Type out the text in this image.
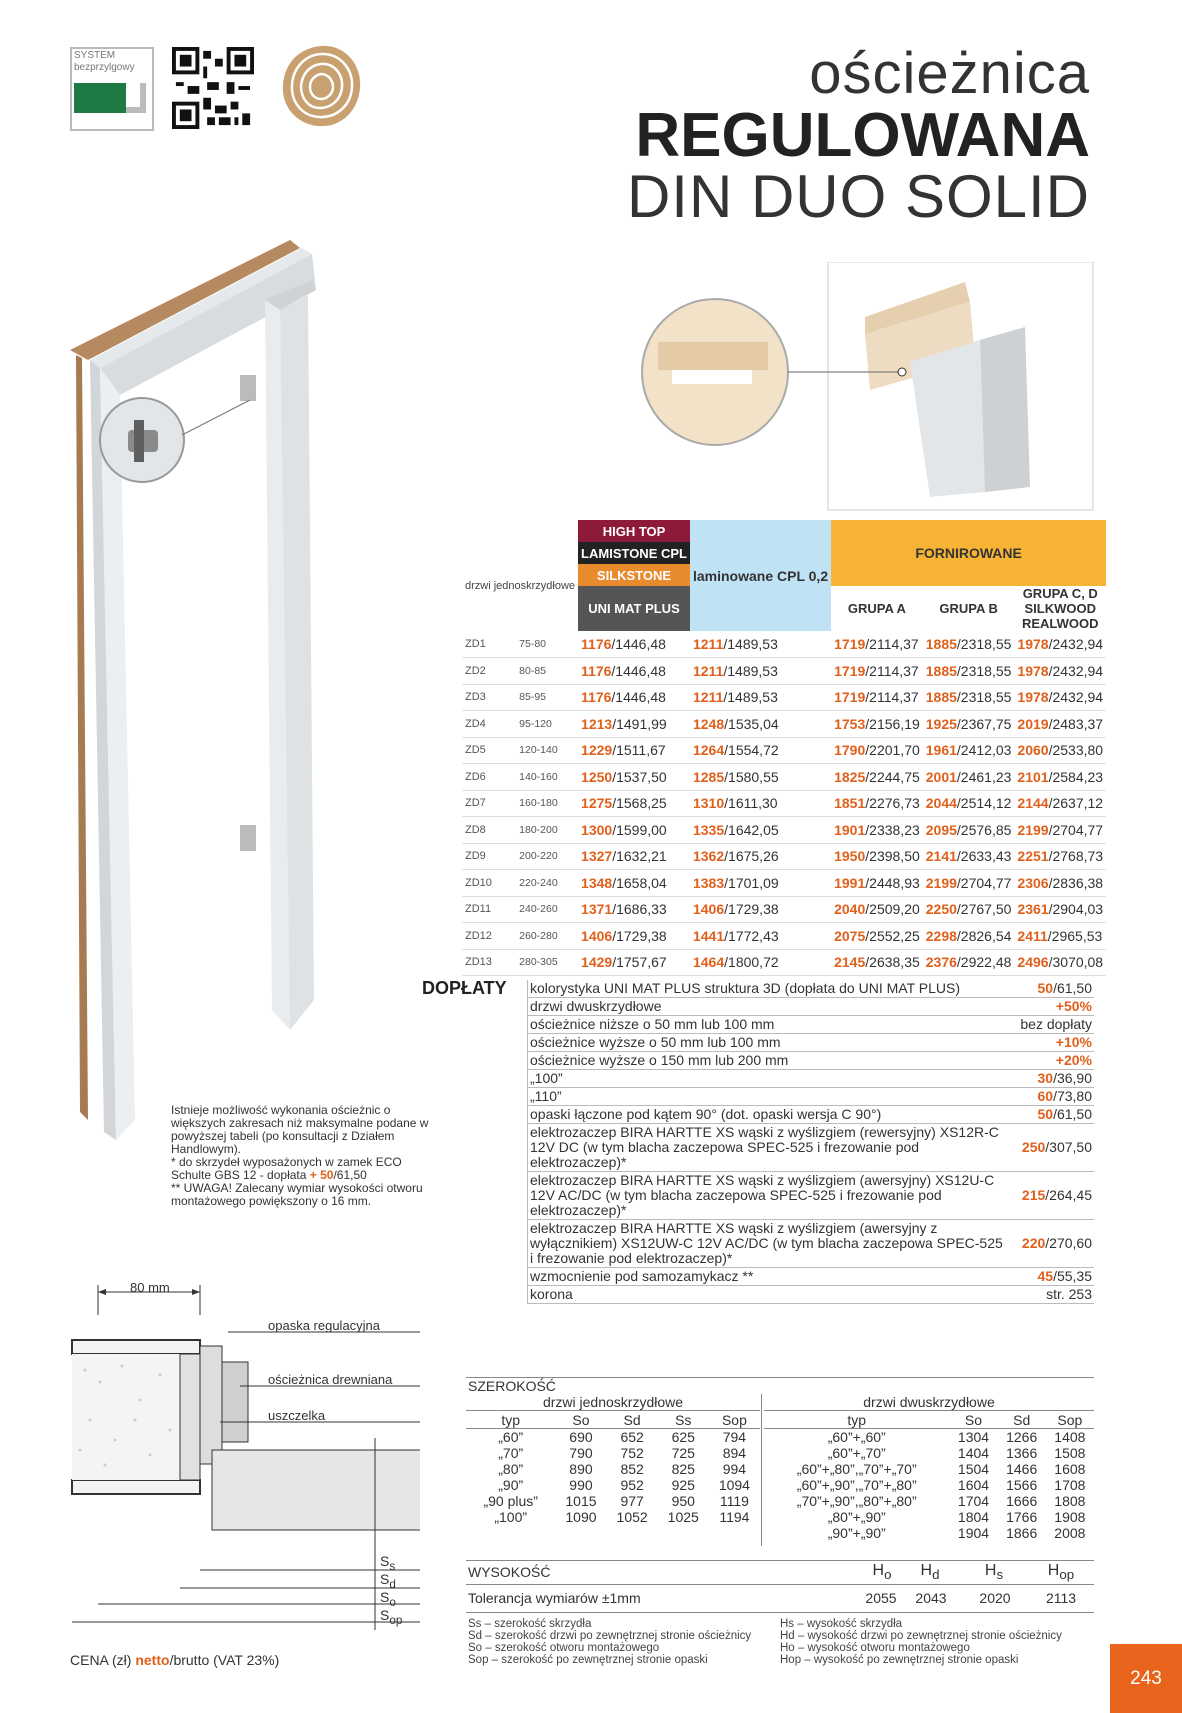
SYSTEM bezprzylgowy	ościeżnica
REGULOWANA
DIN DUO SOLID
drzwi jednoskrzydłowe		HIGH TOP	laminowane CPL 0,2	FORNIROWANE		
		LAMISTONE CPL				
		SILKSTONE				
		UNI MAT PLUS		GRUPA A	GRUPA B	GRUPA C, D
SILKWOOD
REALWOOD
ZD1	75-80	1176/1446,48	1211/1489,53	1719/2114,37	1885/2318,55	1978/2432,94
ZD2	80-85	1176/1446,48	1211/1489,53	1719/2114,37	1885/2318,55	1978/2432,94
ZD3	85-95	1176/1446,48	1211/1489,53	1719/2114,37	1885/2318,55	1978/2432,94
ZD4	95-120	1213/1491,99	1248/1535,04	1753/2156,19	1925/2367,75	2019/2483,37
ZD5	120-140	1229/1511,67	1264/1554,72	1790/2201,70	1961/2412,03	2060/2533,80
ZD6	140-160	1250/1537,50	1285/1580,55	1825/2244,75	2001/2461,23	2101/2584,23
ZD7	160-180	1275/1568,25	1310/1611,30	1851/2276,73	2044/2514,12	2144/2637,12
ZD8	180-200	1300/1599,00	1335/1642,05	1901/2338,23	2095/2576,85	2199/2704,77
ZD9	200-220	1327/1632,21	1362/1675,26	1950/2398,50	2141/2633,43	2251/2768,73
ZD10	220-240	1348/1658,04	1383/1701,09	1991/2448,93	2199/2704,77	2306/2836,38
ZD11	240-260	1371/1686,33	1406/1729,38	2040/2509,20	2250/2767,50	2361/2904,03
ZD12	260-280	1406/1729,38	1441/1772,43	2075/2552,25	2298/2826,54	2411/2965,53
ZD13	280-305	1429/1757,67	1464/1800,72	2145/2638,35	2376/2922,48	2496/3070,08
DOPŁATY kolorystyka UNI MAT PLUS struktura 3D (dopłata do UNI MAT PLUS)	50/61,50
drzwi dwuskrzydłowe	+50%
ościeżnice niższe o 50 mm lub 100 mm	bez dopłaty
ościeżnice wyższe o 50 mm lub 100 mm	+10%
ościeżnice wyższe o 150 mm lub 200 mm	+20%
„100”	30/36,90
„110”	60/73,80
opaski łączone pod kątem 90° (dot. opaski wersja C 90°)	50/61,50
elektrozaczep BIRA HARTTE XS wąski z wyślizgiem (rewersyjny) XS12R-C 12V DC (w tym blacha zaczepowa SPEC-525 i frezowanie pod elektrozaczep)*	250/307,50
elektrozaczep BIRA HARTTE XS wąski z wyślizgiem (awersyjny) XS12U-C 12V AC/DC (w tym blacha zaczepowa SPEC-525 i frezowanie pod elektrozaczep)*	215/264,45
elektrozaczep BIRA HARTTE XS wąski z wyślizgiem (awersyjny z wyłącznikiem) XS12UW-C 12V AC/DC (w tym blacha zaczepowa SPEC-525 i frezowanie pod elektrozaczep)*	220/270,60
wzmocnienie pod samozamykacz **	45/55,35
korona	str. 253
Istnieje możliwość wykonania ościeżnic o większych zakresach niż maksymalne podane w powyższej tabeli (po konsultacji z Działem Handlowym).
* do skrzydeł wyposażonych w zamek ECO Schulte GBS 12 - dopłata + 50/61,50
** UWAGA! Zalecany wymiar wysokości otworu montażowego powiększony o 16 mm.
80 mm
opaska regulacyjna
ościeżnica drewniana
uszczelka
$S_s$
$S_d$
$S_o$
$S_{op}$
SZEROKOŚĆ
drzwi jednoskrzydłowe	drzwi dwuskrzydłowe
typ	So	Sd	Ss	Sop
„60”	690	652	625	794
„70”	790	752	725	894
„80”	890	852	825	994
„90”	990	952	925	1094
„90 plus”	1015	977	950	1119
„100”	1090	1052	1025	1194
typ	So	Sd	Sop
„60”+„60”	1304	1266	1408
„60”+„70”	1404	1366	1508
„60”+„80”,„70”+„70”	1504	1466	1608
„60”+„90”,„70”+„80”	1604	1566	1708
„70”+„90”,„80”+„80”	1704	1666	1808
„80”+„90”	1804	1766	1908
„90”+„90”	1904	1866	2008
WYSOKOŚĆ	$H_o$	$H_d$	$H_s$	$H_{op}$
Tolerancja wymiarów ±1mm	2055	2043	2020	2113
Ss – szerokość skrzydła
Sd – szerokość drzwi po zewnętrznej stronie ościeżnicy
So – szerokość otworu montażowego
Sop – szerokość po zewnętrznej stronie opaski
Hs – wysokość skrzydła
Hd – wysokość drzwi po zewnętrznej stronie ościeżnicy
Ho – wysokość otworu montażowego
Hop – wysokość po zewnętrznej stronie opaski
CENA (zł) netto/brutto (VAT 23%)
243
